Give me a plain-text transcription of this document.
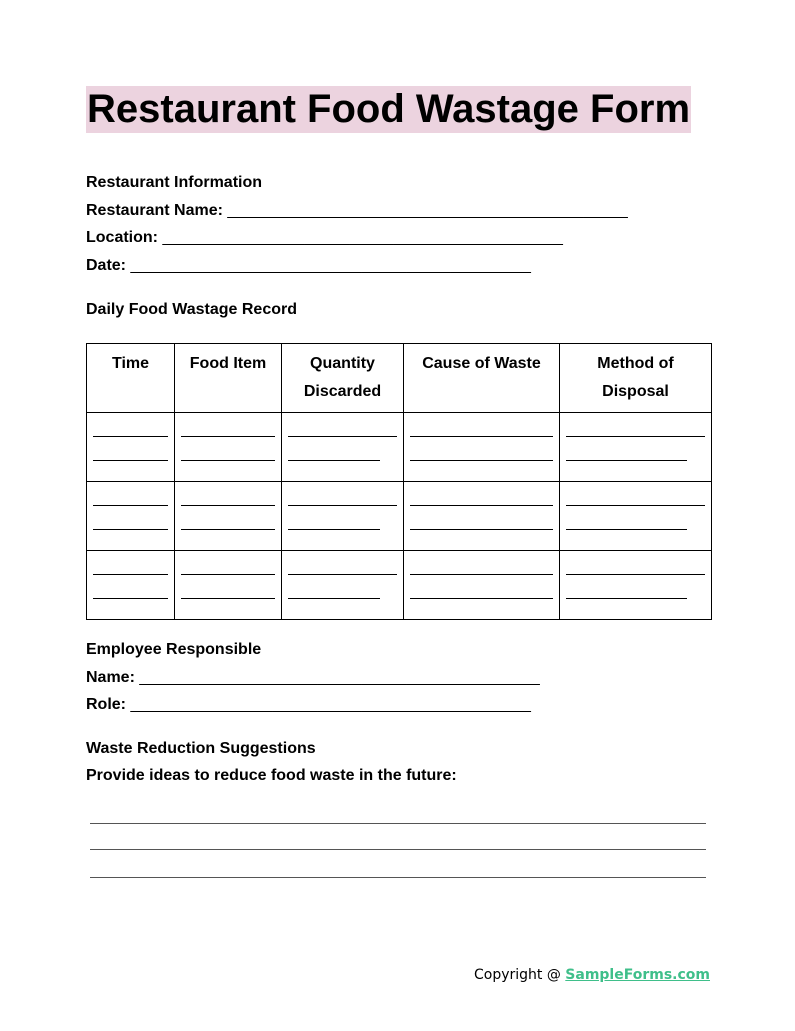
Restaurant Food Wastage Form
Restaurant Information
Restaurant Name: _____________________________________________
Location: _____________________________________________
Date: _____________________________________________
Daily Food Wastage Record
Time	Food Item	Quantity Discarded	Cause of Waste	Method of Disposal

Employee Responsible
Name: _____________________________________________
Role: _____________________________________________
Waste Reduction Suggestions
Provide ideas to reduce food waste in the future:
Copyright @ SampleForms.com
